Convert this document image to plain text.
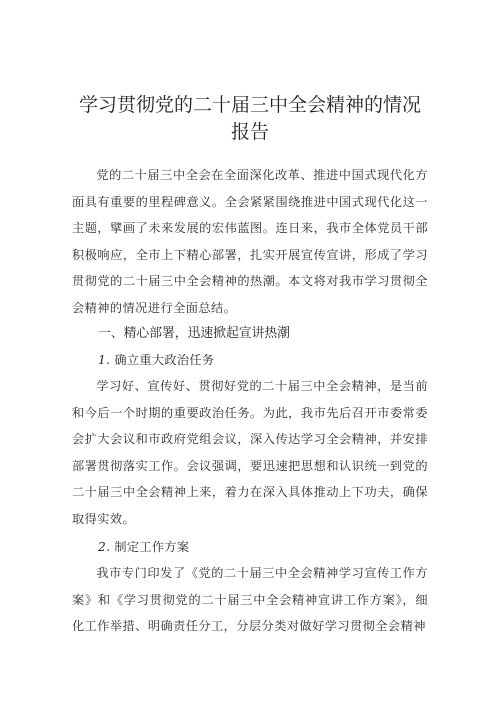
学习贯彻党的二十届三中全会精神的情况
报告

党的二十届三中全会在全面深化改革、推进中国式现代化方面具有重要的里程碑意义。全会紧紧围绕推进中国式现代化这一主题，擘画了未来发展的宏伟蓝图。连日来，我市全体党员干部积极响应，全市上下精心部署，扎实开展宣传宣讲，形成了学习贯彻党的二十届三中全会精神的热潮。本文将对我市学习贯彻全会精神的情况进行全面总结。

一、精心部署，迅速掀起宣讲热潮
1. 确立重大政治任务

学习好、宣传好、贯彻好党的二十届三中全会精神，是当前和今后一个时期的重要政治任务。为此，我市先后召开市委常委会扩大会议和市政府党组会议，深入传达学习全会精神，并安排部署贯彻落实工作。会议强调，要迅速把思想和认识统一到党的二十届三中全会精神上来，着力在深入具体推动上下功夫，确保取得实效。

2. 制定工作方案

我市专门印发了《党的二十届三中全会精神学习宣传工作方案》和《学习贯彻党的二十届三中全会精神宣讲工作方案》，细化工作举措、明确责任分工，分层分类对做好学习贯彻全会精神
